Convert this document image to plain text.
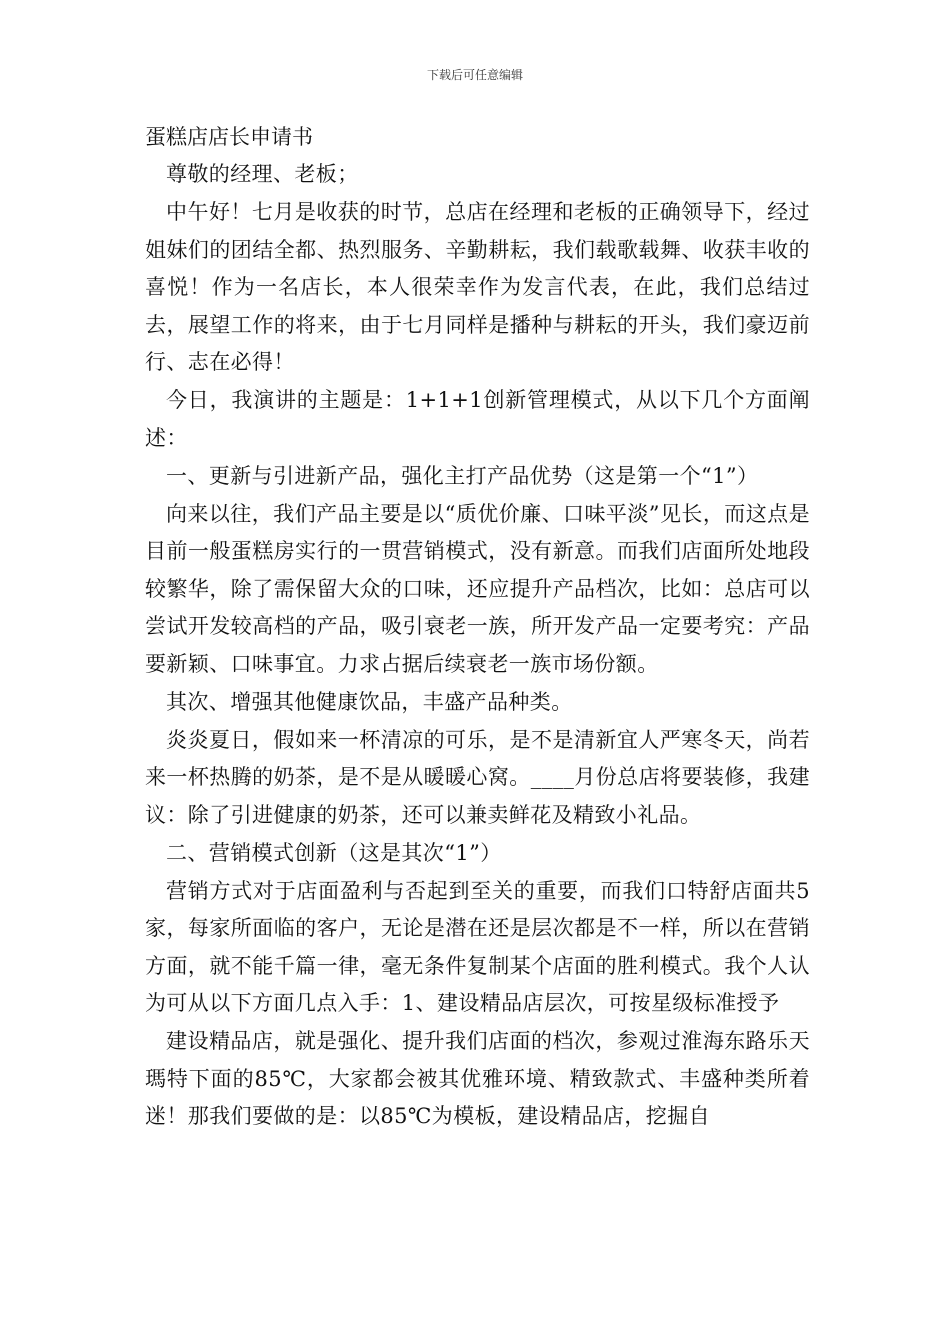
下载后可任意编辑

蛋糕店店长申请书

尊敬的经理、老板；

中午好！七月是收获的时节，总店在经理和老板的正确领导下，经过姐妹们的团结全都、热烈服务、辛勤耕耘，我们载歌载舞、收获丰收的喜悦！作为一名店长，本人很荣幸作为发言代表，在此，我们总结过去，展望工作的将来，由于七月同样是播种与耕耘的开头，我们豪迈前行、志在必得！

今日，我演讲的主题是：1+1+1创新管理模式，从以下几个方面阐述：

一、更新与引进新产品，强化主打产品优势（这是第一个“1”）

向来以往，我们产品主要是以“质优价廉、口味平淡”见长，而这点是目前一般蛋糕房实行的一贯营销模式，没有新意。而我们店面所处地段较繁华，除了需保留大众的口味，还应提升产品档次，比如：总店可以尝试开发较高档的产品，吸引衰老一族，所开发产品一定要考究：产品要新颖、口味事宜。力求占据后续衰老一族市场份额。

其次、增强其他健康饮品，丰盛产品种类。

炎炎夏日，假如来一杯清凉的可乐，是不是清新宜人严寒冬天，尚若来一杯热腾的奶茶，是不是从暖暖心窝。____月份总店将要装修，我建议：除了引进健康的奶茶，还可以兼卖鲜花及精致小礼品。

二、营销模式创新（这是其次“1”）

营销方式对于店面盈利与否起到至关的重要，而我们口特舒店面共5家，每家所面临的客户，无论是潜在还是层次都是不一样，所以在营销方面，就不能千篇一律，毫无条件复制某个店面的胜利模式。我个人认为可从以下方面几点入手：1、建设精品店层次，可按星级标准授予

建设精品店，就是强化、提升我们店面的档次，参观过淮海东路乐天瑪特下面的85℃，大家都会被其优雅环境、精致款式、丰盛种类所着迷！那我们要做的是：以85℃为模板，建设精品店，挖掘自
